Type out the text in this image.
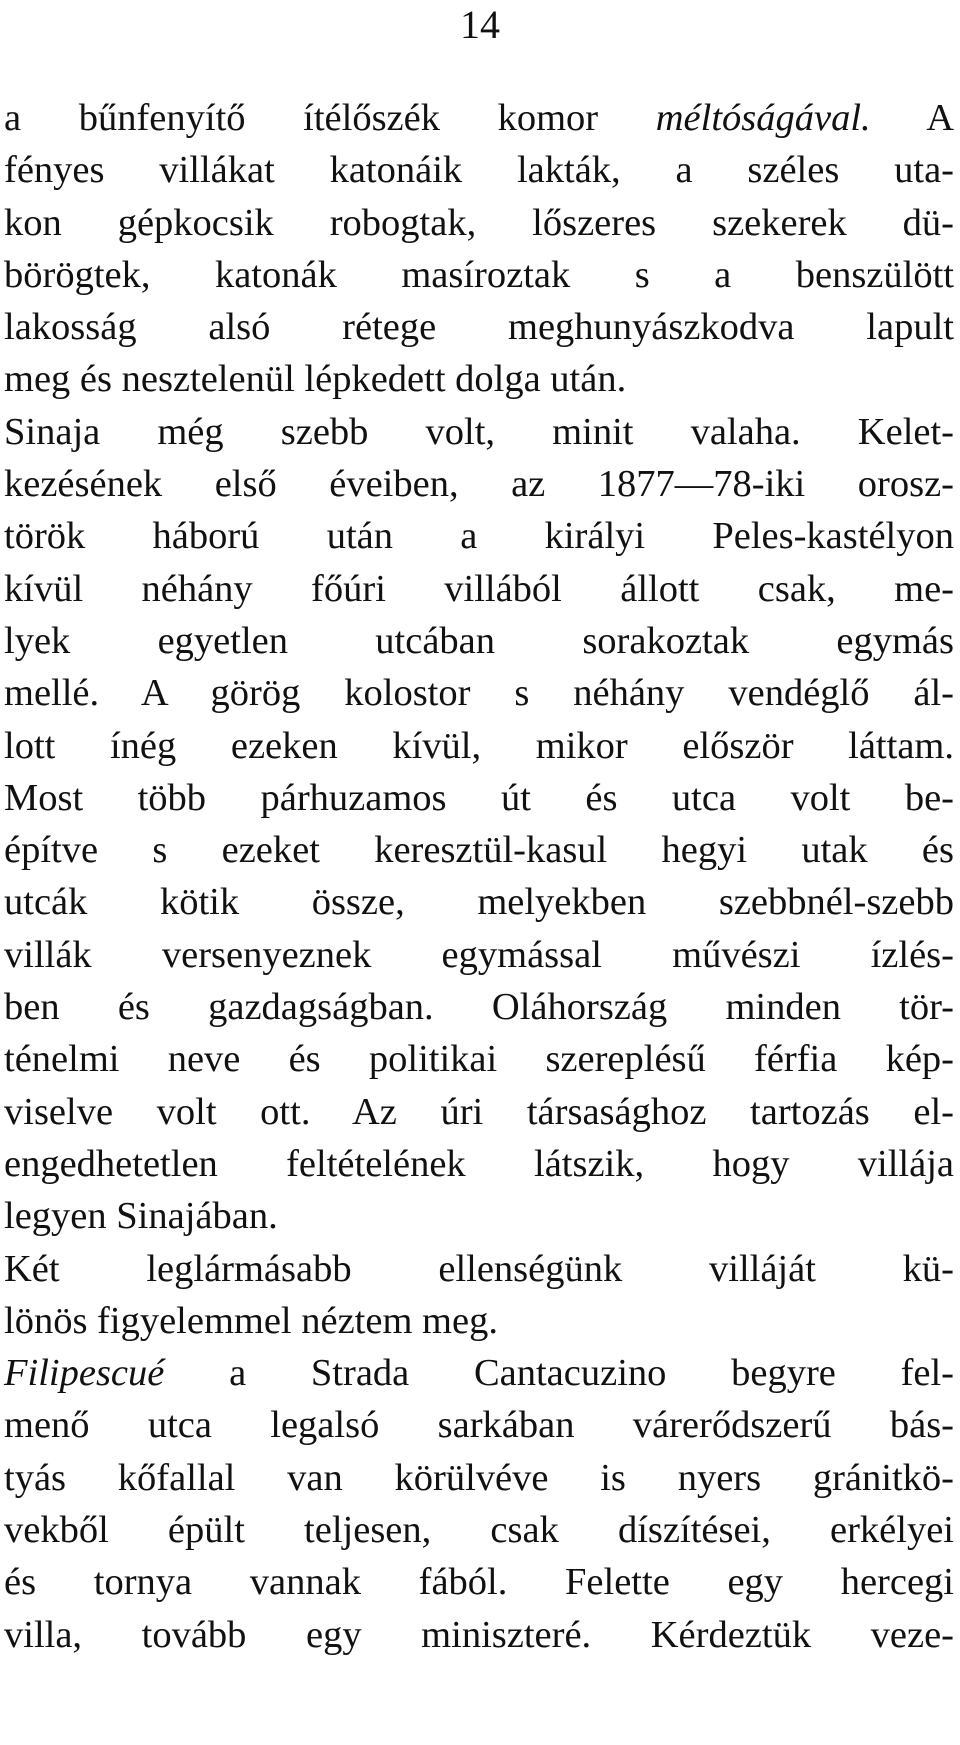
14
a bűnfenyítő ítélőszék komor méltóságával. A
fényes villákat katonáik lakták, a széles uta-
kon gépkocsik robogtak, lőszeres szekerek dü-
börögtek, katonák masíroztak s a benszülött
lakosság alsó rétege meghunyászkodva lapult
meg és nesztelenül lépkedett dolga után.
Sinaja még szebb volt, minit valaha. Kelet-
kezésének első éveiben, az 1877—78-iki orosz-
török háború után a királyi Peles-kastélyon
kívül néhány főúri villából állott csak, me-
lyek egyetlen utcában sorakoztak egymás
mellé. A görög kolostor s néhány vendéglő ál-
lott ínég ezeken kívül, mikor először láttam.
Most több párhuzamos út és utca volt be-
építve s ezeket keresztül-kasul hegyi utak és
utcák kötik össze, melyekben szebbnél-szebb
villák versenyeznek egymással művészi ízlés-
ben és gazdagságban. Oláhország minden tör-
ténelmi neve és politikai szereplésű férfia kép-
viselve volt ott. Az úri társasághoz tartozás el-
engedhetetlen feltételének látszik, hogy villája
legyen Sinajában.
Két leglármásabb ellenségünk villáját kü-
lönös figyelemmel néztem meg.
Filipescué a Strada Cantacuzino begyre fel-
menő utca legalsó sarkában várerődszerű bás-
tyás kőfallal van körülvéve is nyers gránitkö-
vekből épült teljesen, csak díszítései, erkélyei
és tornya vannak fából. Felette egy hercegi
villa, tovább egy miniszteré. Kérdeztük veze-
